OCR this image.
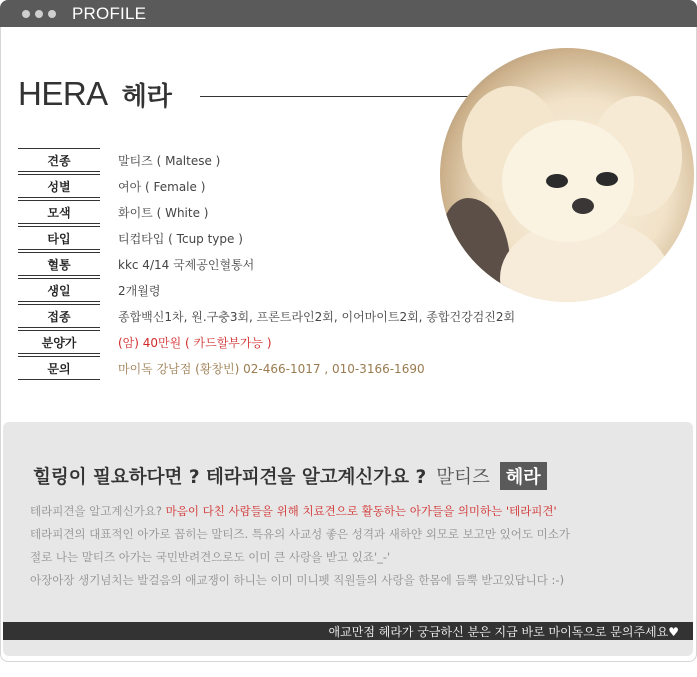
PROFILE
HERA 헤라
견종	말티즈 ( Maltese )
성별	여아 ( Female )
모색	화이트 ( White )
타입	티컵타입 ( Tcup type )
혈통	kkc 4/14 국제공인혈통서
생일	2개월령
접종	종합백신1차, 원.구충3회, 프론트라인2회, 이어마이트2회, 종합건강검진2회
분양가	(암) 40만원 ( 카드할부가능 )
문의	마이독 강남점 (황창빈) 02-466-1017 , 010-3166-1690
힐링이 필요하다면 ? 테라피견을 알고계신가요 ? 말티즈 헤라
테라피견을 알고계신가요? 마음이 다친 사람들을 위해 치료견으로 활동하는 아가들을 의미하는 '테라피견'
테라피견의 대표적인 아가로 꼽히는 말티즈. 특유의 사교성 좋은 성격과 새하얀 외모로 보고만 있어도 미소가
절로 나는 말티즈 아가는 국민반려견으로도 이미 큰 사랑을 받고 있죠'_-'
아장아장 생기넘치는 발걸음의 애교쟁이 하니는 이미 미니펫 직원들의 사랑을 한몸에 듬뿍 받고있답니다 :-)
애교만점 헤라가 궁금하신 분은 지금 바로 마이독으로 문의주세요♥
